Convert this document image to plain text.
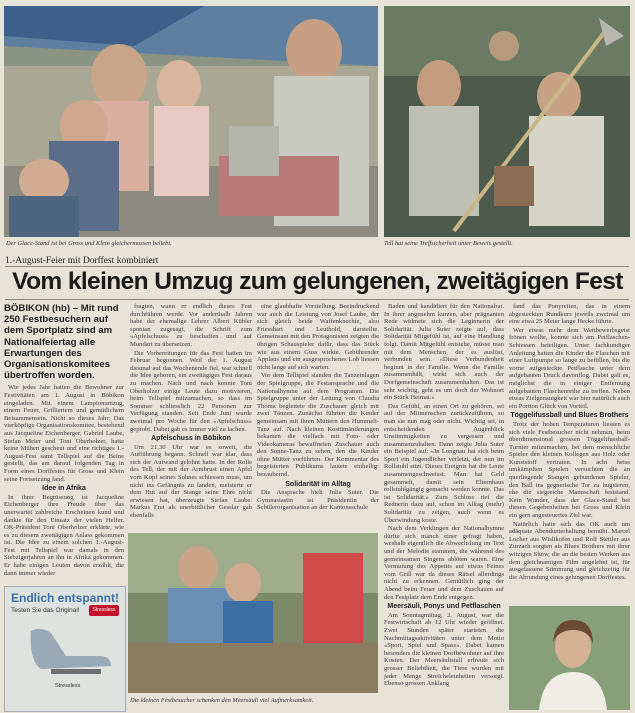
Der Glace-Stand ist bei Gross und Klein gleichermassen beliebt.	Tell hat seine Treffsicherheit unter Beweis gestellt.
1.-August-Feier mit Dorffest kombiniert
Vom kleinen Umzug zum gelungenen, zweitägigen Fest

BÖBIKON (hb) – Mit rund 250 Festbesuchern auf dem Sportplatz sind am Nationalfeiertag alle Erwartungen des Organisationskomitees übertroffen worden.

Wie jedes Jahr hatten die Bewohner zur Festivitäten am 1. August in Böbikon eingeladen. Mit einem Lampionumzug, einem Feuer, Grilliertem und gemütlichem Beisammensein. Nicht so dieses Jahr: Das vierköpfige Organisationskomitee, bestehend aus Jacqueline Eichenberger, Gabriel Laube, Stefan Meier und Toni Oberholzer, hatte keine Mühen gescheut und eine richtiges 1.-August-Fest samt Tellspiel auf die Beine gestellt, das am darauf folgenden Tag in Form eines Dorffestes für Gross und Klein seine Fortsetzung fand.

Idee in Afrika

In ihrer Begrüssung ist Jacqueline Eichenberger ihre Freude über das unerwartet zahlreiche Erscheinen kund und dankte für den Einsatz der vielen Helfer. OK-Präsident Toni Oberholzer erklärte, wie es zu diesem zweitägigen Anlass gekommen ist. Die Idee zu einem solchen 1.-August-Fest mit Tellspiel war damals in den Siebzigerjahren an ihn in Afrika gekommen. Er habe einigen Leuten davon erzählt, die dann immer wieder

Endlich entspannt!
Testen Sie das Original!	Stressless
Stressless

fragten, wann er endlich dieses Fest durchführen werde. Vor anderthalb Jahren habe der ehemalige Lehrer Albert Kübler spontan zugesagt, die Schrift zum «Apfelschuss» zu beschaffen und auf Mundart zu übersetzen.

Die Vorbereitungen für das Fest hatten im Februar begonnen. Weil der 1. August diesmal auf das Wochenende fiel, war schnell die Idee geboren, ein zweitägiges Fest daraus zu machen. Nach und nach konnte Toni Oberholzer einige Leute dazu motivieren, beim Tellspiel mitzumachen, so dass im Sommer schliesslich 22 Personen zur Verfügung standen. Seit Ende Juni wurde zweimal pro Woche für den «Apfelschuss» geprobt. Dabei gab es immer viel zu lachen.

Apfelschuss in Böbikon

Um 21.30 Uhr war es soweit, die Aufführung begann. Schnell war klar, dass sich der Aufwand gelohnt hatte. In der Rolle des Tell, der mit der Armbrust einen Apfel vom Kopf seines Sohnes schiessen muss, um nicht ins Gefängnis zu landen, meisterte er dem Hut auf der Stange seine Ehre nicht erwiesen hat, überzeugte Stefan Laube. Markus Frei als unerbittlicher Gesslar gab ebenfalls

eine glaubhafte Vorstellung. Beeindruckend war auch die Leistung von Josef Laube, der sich gleich beide Waffenknechte, also Friesshart und Leuthold, darstellte. Gemeinsam mit den Protagonisten zeigten die übrigen Schauspieler dafür, dass das Stück wie aus einem Guss wirkte. Gebührender Applaus und ein ausgesprochenes Lob liessen nicht lange auf sich warten.

Vor dem Tellspiel standen die Tanzeinlagen der Spielgruppe, die Festansprache und die Nationalhymne auf dem Programm. Die Spielgruppe unter der Leitung von Claudia Thoma begleitete die Zuschauer gleich mit zwei Tänzen. Zunächst führten die Kinder gemeinsam mit ihren Müttern den Hummeli-Tanz auf. Nach kleinen Kostümänderungen bekamen die vielfach mit Foto- oder Videokameras bewaffneten Zuschauer auch den Sonne-Tanz zu sehen, den die Kinder ohne Mütter vorführten. Der Kommentar des begeisterten Publikums lautete einhellig: bezaubernd.

Solidarität im Alltag

Die Ansprache hielt Julia Suter. Die Gymnasiastin ist Präsidentin der Schülerorganisation an der Kantonsschule

Die kleinen Festbesucher schenken den Meersäuli viel Aufmerksamkeit.

Baden und kandidiert für den Nationalrat. In ihrer angenehm kurzen, aber prägnanten Rede widmete sich die Leginnerin der Solidarität. Julia Suter zeigte auf, dass Solidarität Mitgefühl ist, auf eine Handlung folgt. Damit Mitgefühl entstehe, müsse man mit dem Menschen, der es auslöst, verbunden sein. «Diese Verbundenheit beginnt in der Familie. Wenn die Familie zusammenhält, wirkt sich auch der Dorfgemeinschaft zusammenhalten. Das ist sehr wichtig, geht es um doch der Wohnort ein Stück Heimat.»

Das Gefühl, an einen Ort zu gehören, sei auf der Mitmenschen zurückzuführen, so man sie nun mag oder nicht. Wichtig sei, in entscheidenden Augenblick Unstimmigkeiten zu vergessen und zusammenzuhalten. Dann zeigte Julia Suter ein Beispiel auf: «In Longnau hat sich beim Sport ein Jugendlicher verletzt, der nun im Rollstuhl sitzt. Dieses Ereignis hat die Leute zusammengeschweisst. Man hat Geld gesammelt, damit sein Elternhaus rollstuhlgängig gemacht werden konnte. Das ist Solidarität.» Zum Schluss rief die Rednerin dazu auf, schon im Alltag (mehr) Solidarität zu zeigen, auch wenn es Überwindung koste.

Nach dem Verklingen der Nationalhymne dürfte sich manch einer gefragt haben, weshalb eigentlich die Abwechslung im Text und der Melodie stammen, die während des gemeinsamen Singens ablöten waren. Eine Vermutung des Appetits auf etwas Feines vom Grill war da dieses Rätsel allerdings nicht zu erkennen. Gemütlich ging der Abend beim Feuer und dem Zuschauen auf den Festplatz dem Ende entgegen.

Meersäuli, Ponys und Petflaschen

Am Sonntagmittag, 2. August, war die Festwirtschaft ab 12 Uhr wieder geöffnet. Zwei Stunden später starteten die Nachmittagsaktivitäten unter dem Motto «Sport, Spiel und Spass». Dabei kamen besonders die kleinen Dorfbewohner auf ihre Kosten. Der Meersäulistall erfreute sich grosser Beliebtheit, die Tiere wurden mit jeder Menge Streicheleinheiten versorgt. Ebenso grossen Anklang

fand das Ponyreiten, das in einem abgesteckten Rundkurs jeweils zweimal um eine etwa 25 Meter lange Hecke führte.

Wer etwas mehr dem Wettbewerbsgeist frönen wollte, konnte sich am Petflaschen-Schiessen beteiligen. Unter fachkundiger Anleitung hatten die Kinder die Flaschen mit einer Luftpumpe so lange zu befüllen, bis die vorne aufgesteckte Petflasche unter dem aufgebauten Druck davonflog. Dabei galt es, möglichst die in einiger Entfernung aufgebauten Flaschenreihe zu treffen. Neben etwas Zielgenauigkeit war hier natürlich auch ein Portion Glück von Vorteil.

Töggelifussball und Blues Brothers

Trotz der hohen Temperaturen liessen es sich viele Festbesucher nicht nehmen, beim überdimensional grossen Töggelifussball-Turnier mitzumachen, bei dem menschliche Spieler den kleinen Kollegen aus Holz oder Kunststoff vertraten. In acht heiss umkämpften Spielen versuchten die an querliegende Stangen gebundenen Spieler, den Ball ins gegnerische Tor zu bugsieren, ehe die siegreiche Mannschaft feststand. Kein Wunder, dass der Glace-Stand bei diesen Gegebenheiten bei Gross und Klein ein gern angesteuertes Ziel war.

Natürlich hatte sich das OK auch um adäquate Abendunterhaltung bemüht. Marcel Locher aus Wislikofen und Rolf Stettler aus Zurzach sorgten als Blues Brothers mit ihrer witzigen Show, die an die besten Werken aus dem gleichnamigen Film angelehnt ist, für ausgelassene Stimmung und gleichzeitig für die Abrundung eines gelungenen Dorffestes.
